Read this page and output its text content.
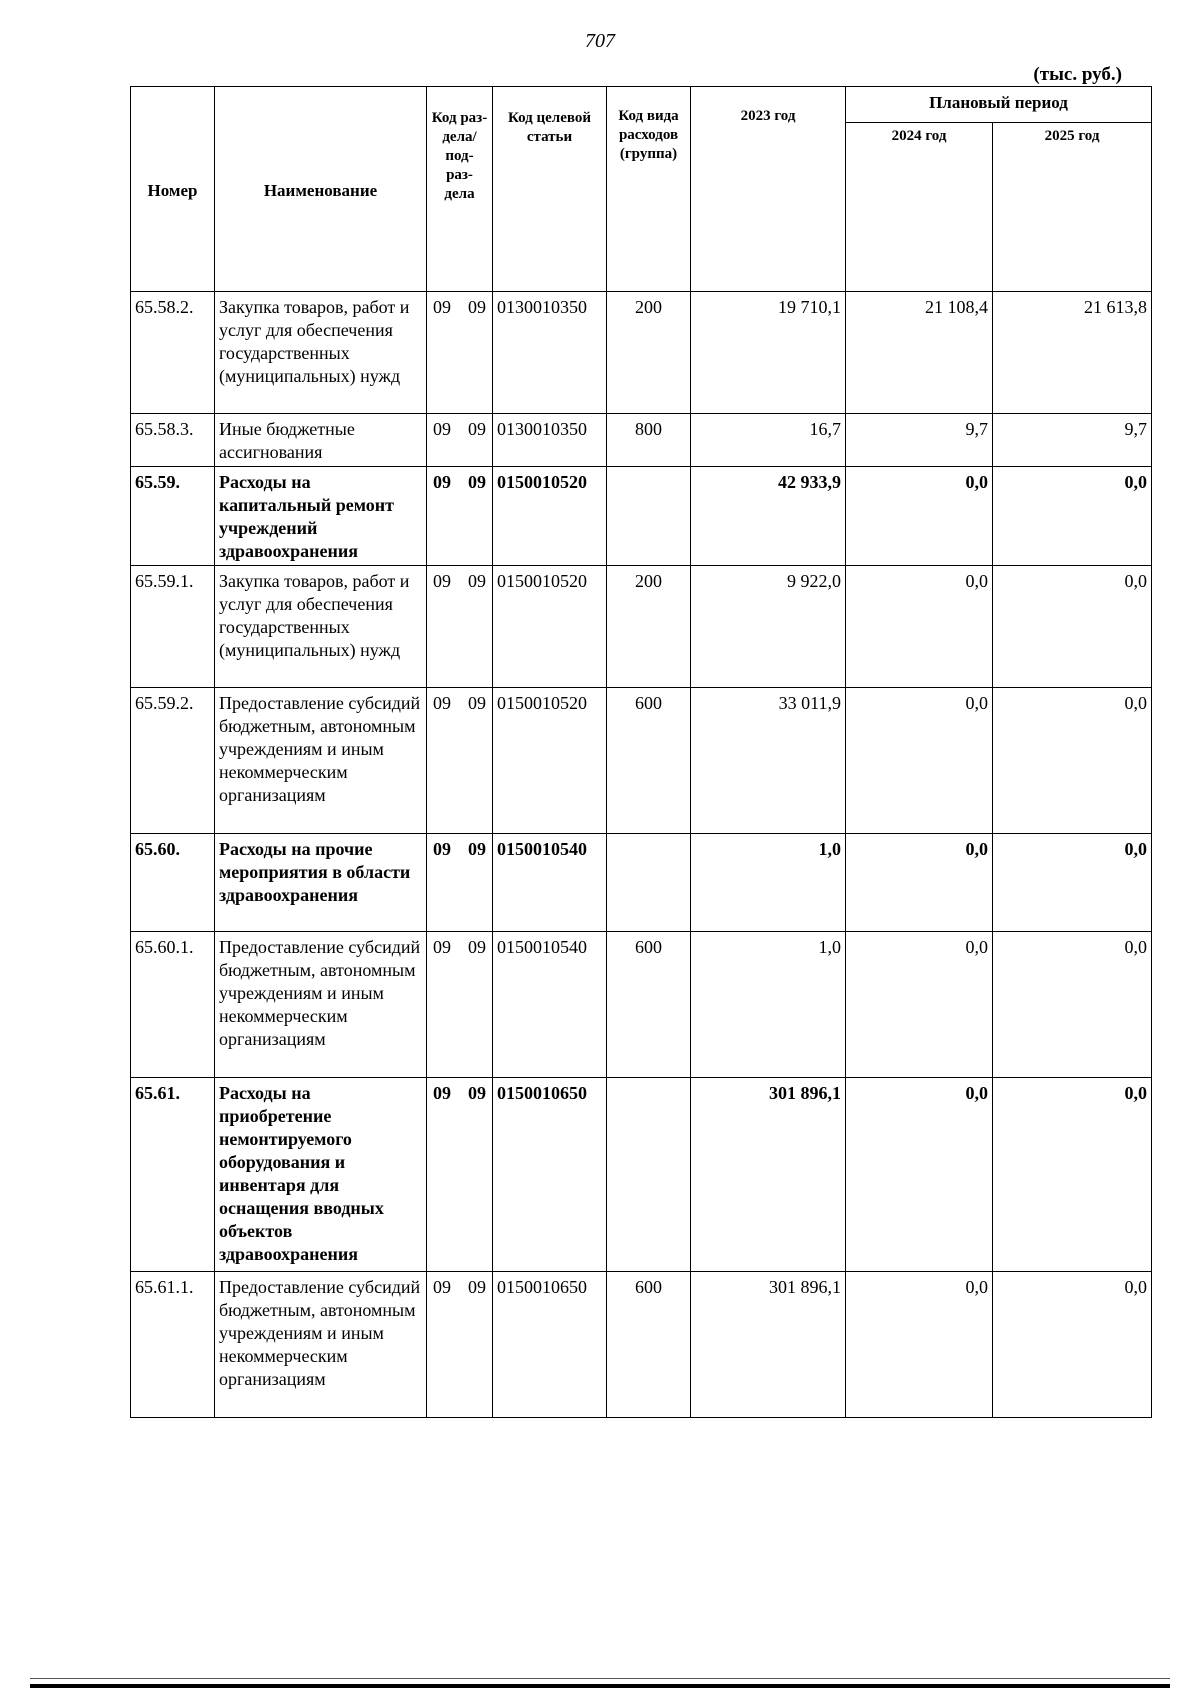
707
(тыс. руб.)
Номер	Наименование	Код раз- дела/ под- раз- дела	Код целевой статьи	Код вида расходов (группа)	2023 год	Плановый период	
						2024 год	2025 год
65.58.2.	Закупка товаров, работ и услуг для обеспечения государственных (муниципальных) нужд	09 09	0130010350	200	19 710,1	21 108,4	21 613,8
65.58.3.	Иные бюджетные ассигнования	09 09	0130010350	800	16,7	9,7	9,7
65.59.	Расходы на капитальный ремонт учреждений здравоохранения	09 09	0150010520		42 933,9	0,0	0,0
65.59.1.	Закупка товаров, работ и услуг для обеспечения государственных (муниципальных) нужд	09 09	0150010520	200	9 922,0	0,0	0,0
65.59.2.	Предоставление субсидий бюджетным, автономным учреждениям и иным некоммерческим организациям	09 09	0150010520	600	33 011,9	0,0	0,0
65.60.	Расходы на прочие мероприятия в области здравоохранения	09 09	0150010540		1,0	0,0	0,0
65.60.1.	Предоставление субсидий бюджетным, автономным учреждениям и иным некоммерческим организациям	09 09	0150010540	600	1,0	0,0	0,0
65.61.	Расходы на приобретение немонтируемого оборудования и инвентаря для оснащения вводных объектов здравоохранения	09 09	0150010650		301 896,1	0,0	0,0
65.61.1.	Предоставление субсидий бюджетным, автономным учреждениям и иным некоммерческим организациям	09 09	0150010650	600	301 896,1	0,0	0,0
